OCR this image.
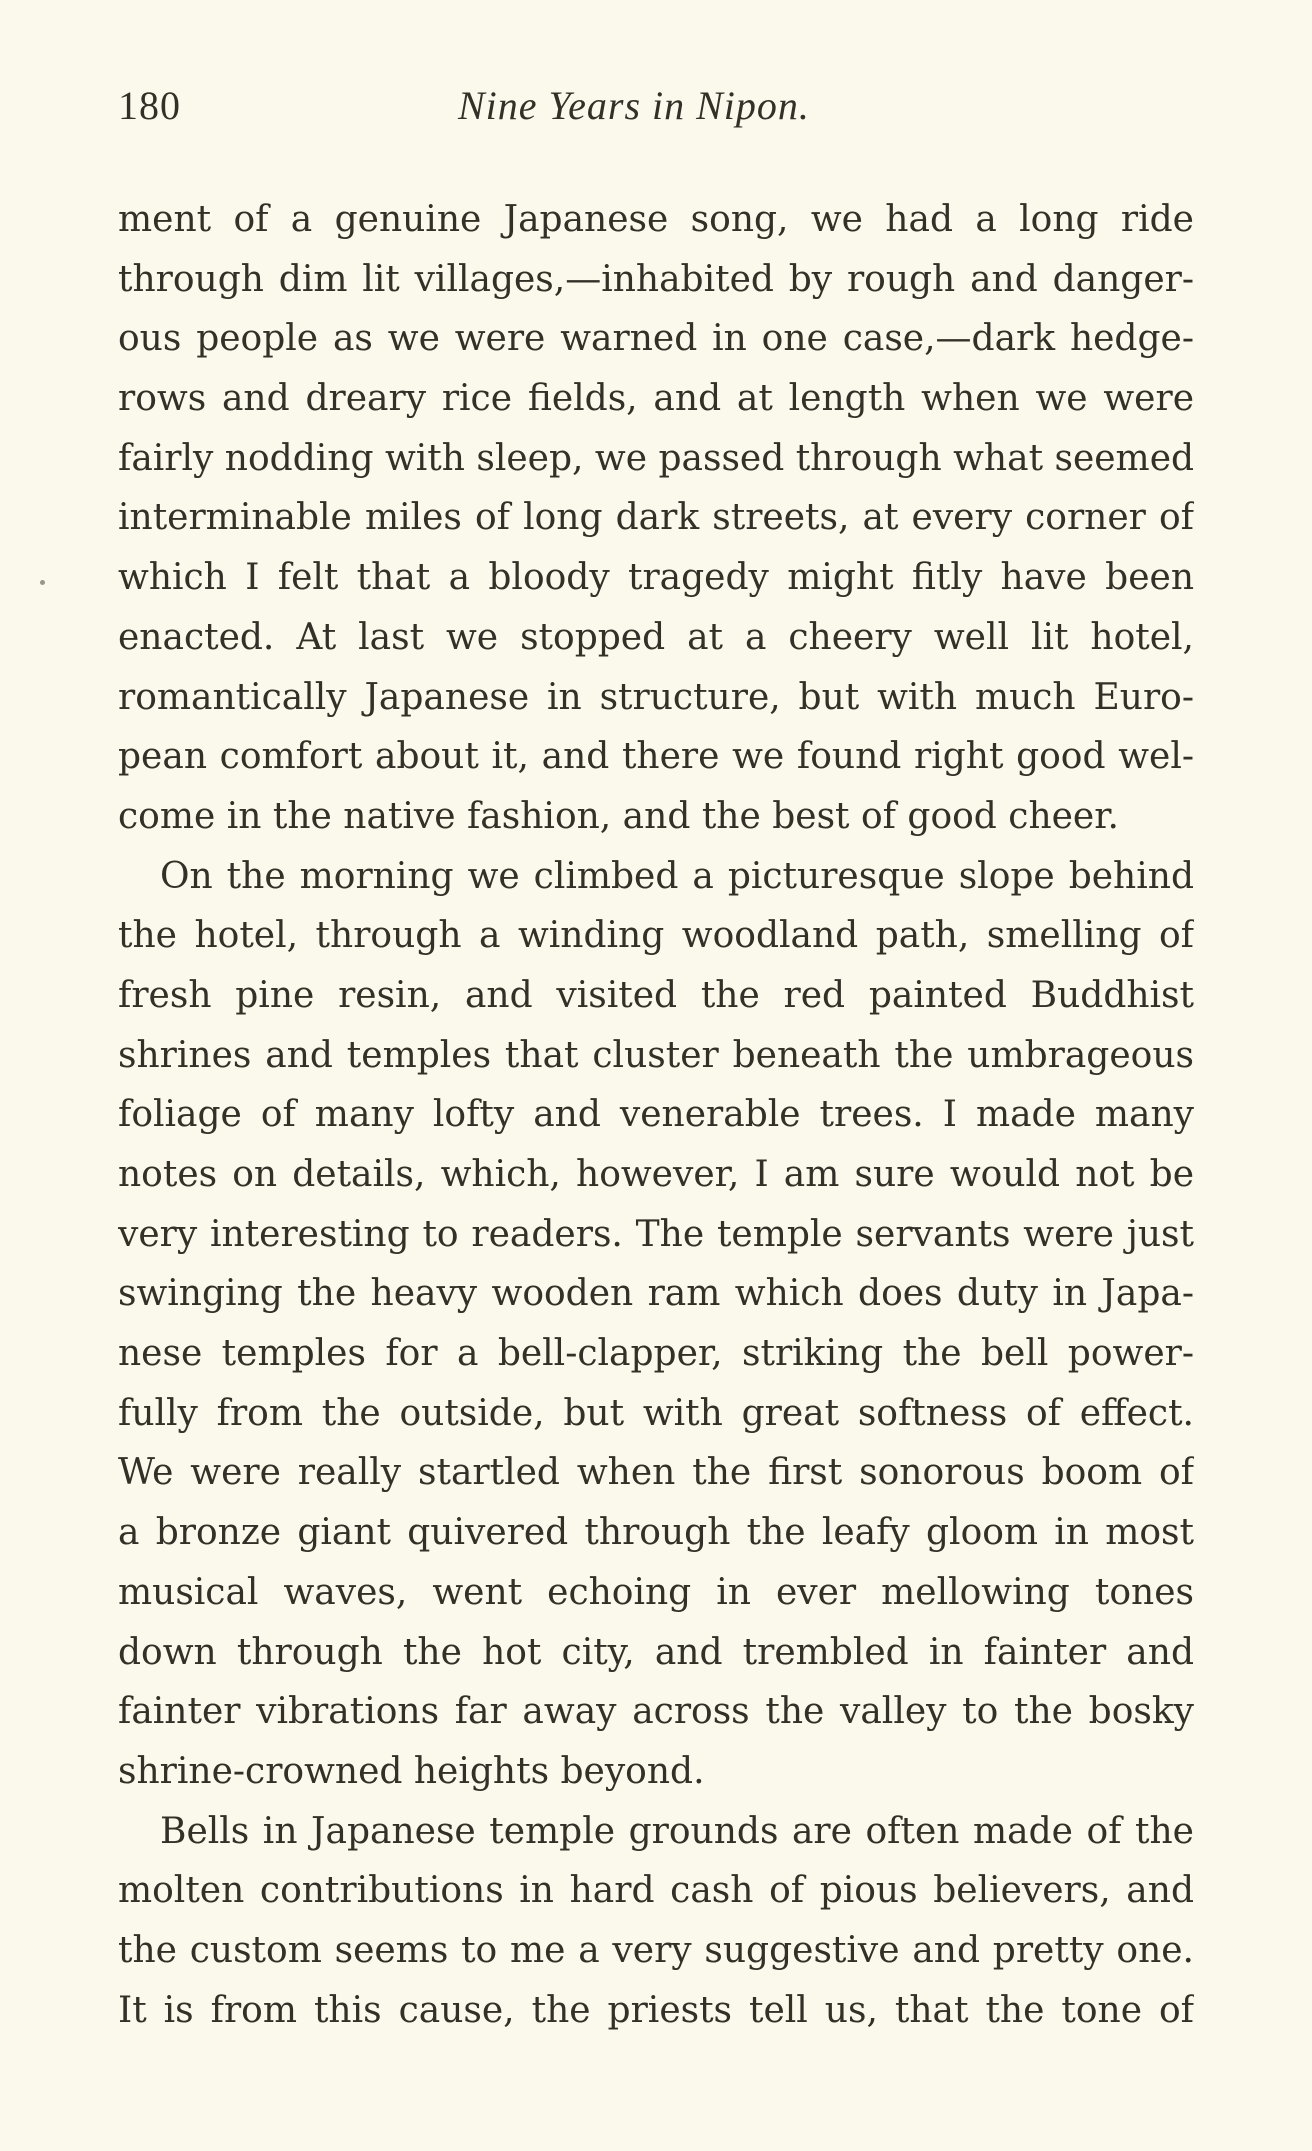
180	Nine Years in Nipon.
ment of a genuine Japanese song, we had a long ride
through dim lit villages,—inhabited by rough and danger-
ous people as we were warned in one case,—dark hedge-
rows and dreary rice fields, and at length when we were
fairly nodding with sleep, we passed through what seemed
interminable miles of long dark streets, at every corner of
which I felt that a bloody tragedy might fitly have been
enacted. At last we stopped at a cheery well lit hotel,
romantically Japanese in structure, but with much Euro-
pean comfort about it, and there we found right good wel-
come in the native fashion, and the best of good cheer.
On the morning we climbed a picturesque slope behind
the hotel, through a winding woodland path, smelling of
fresh pine resin, and visited the red painted Buddhist
shrines and temples that cluster beneath the umbrageous
foliage of many lofty and venerable trees. I made many
notes on details, which, however, I am sure would not be
very interesting to readers. The temple servants were just
swinging the heavy wooden ram which does duty in Japa-
nese temples for a bell-clapper, striking the bell power-
fully from the outside, but with great softness of effect.
We were really startled when the first sonorous boom of
a bronze giant quivered through the leafy gloom in most
musical waves, went echoing in ever mellowing tones
down through the hot city, and trembled in fainter and
fainter vibrations far away across the valley to the bosky
shrine-crowned heights beyond.
Bells in Japanese temple grounds are often made of the
molten contributions in hard cash of pious believers, and
the custom seems to me a very suggestive and pretty one.
It is from this cause, the priests tell us, that the tone of
